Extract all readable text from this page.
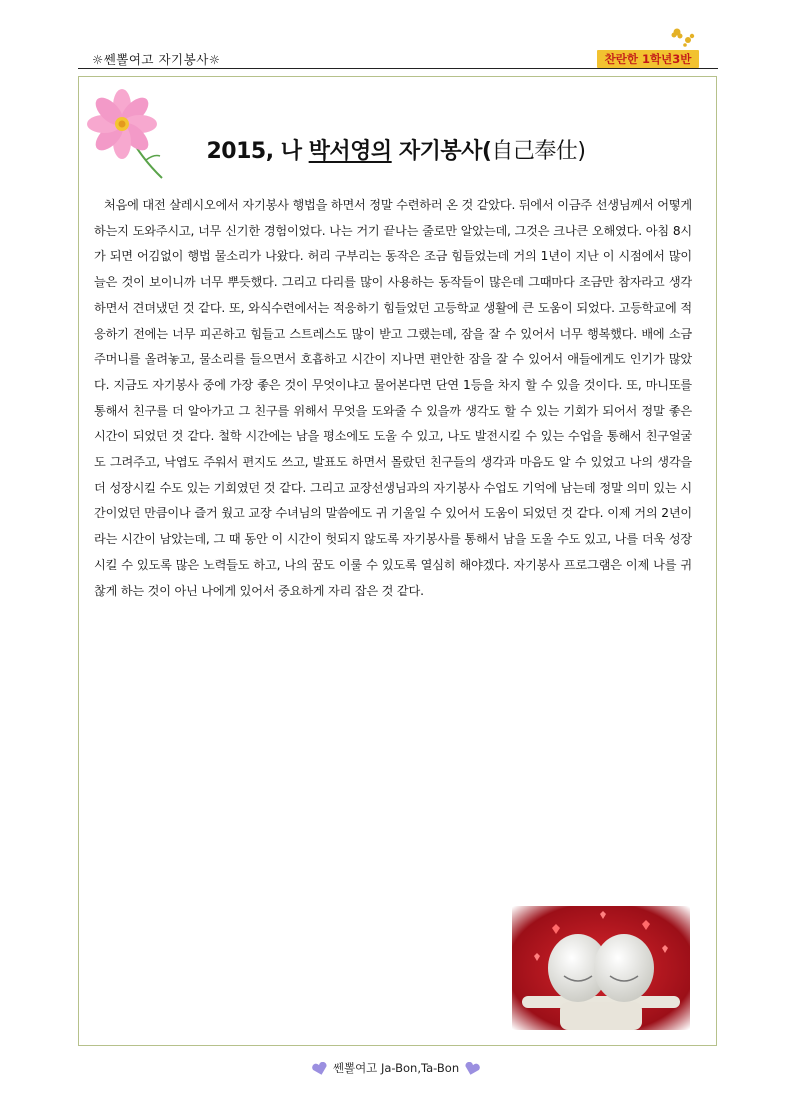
☼쎈뽈여고 자기봉사☼	찬란한 1학년3반
2015, 나 박서영의 자기봉사(自己奉仕)

처음에 대전 살레시오에서 자기봉사 행법을 하면서 정말 수련하러 온 것 같았다. 뒤에서 이금주 선생님께서 어떻게 하는지 도와주시고, 너무 신기한 경험이었다. 나는 거기 끝나는 줄로만 알았는데, 그것은 크나큰 오해였다. 아침 8시가 되면 어김없이 행법 물소리가 나왔다. 허리 구부리는 동작은 조금 힘들었는데 거의 1년이 지난 이 시점에서 많이 늘은 것이 보이니까 너무 뿌듯했다. 그리고 다리를 많이 사용하는 동작들이 많은데 그때마다 조금만 참자라고 생각하면서 견뎌냈던 것 같다. 또, 와식수련에서는 적응하기 힘들었던 고등학교 생활에 큰 도움이 되었다. 고등학교에 적응하기 전에는 너무 피곤하고 힘들고 스트레스도 많이 받고 그랬는데, 잠을 잘 수 있어서 너무 행복했다. 배에 소금 주머니를 올려놓고, 물소리를 들으면서 호흡하고 시간이 지나면 편안한 잠을 잘 수 있어서 애들에게도 인기가 많았다. 지금도 자기봉사 중에 가장 좋은 것이 무엇이냐고 물어본다면 단연 1등을 차지 할 수 있을 것이다. 또, 마니또를 통해서 친구를 더 알아가고 그 친구를 위해서 무엇을 도와줄 수 있을까 생각도 할 수 있는 기회가 되어서 정말 좋은 시간이 되었던 것 같다. 철학 시간에는 남을 평소에도 도울 수 있고, 나도 발전시킬 수 있는 수업을 통해서 친구얼굴도 그려주고, 낙엽도 주워서 편지도 쓰고, 발표도 하면서 몰랐던 친구들의 생각과 마음도 알 수 있었고 나의 생각을 더 성장시킬 수도 있는 기회였던 것 같다. 그리고 교장선생님과의 자기봉사 수업도 기억에 남는데 정말 의미 있는 시간이었던 만큼이나 즐거 웠고 교장 수녀님의 말씀에도 귀 기울일 수 있어서 도움이 되었던 것 같다. 이제 거의 2년이라는 시간이 남았는데, 그 때 동안 이 시간이 헛되지 않도록 자기봉사를 통해서 남을 도울 수도 있고, 나를 더욱 성장시킬 수 있도록 많은 노력들도 하고, 나의 꿈도 이룰 수 있도록 열심히 해야겠다. 자기봉사 프로그램은 이제 나를 귀찮게 하는 것이 아닌 나에게 있어서 중요하게 자리 잡은 것 같다.

쎈뽈여고 Ja-Bon,Ta-Bon
